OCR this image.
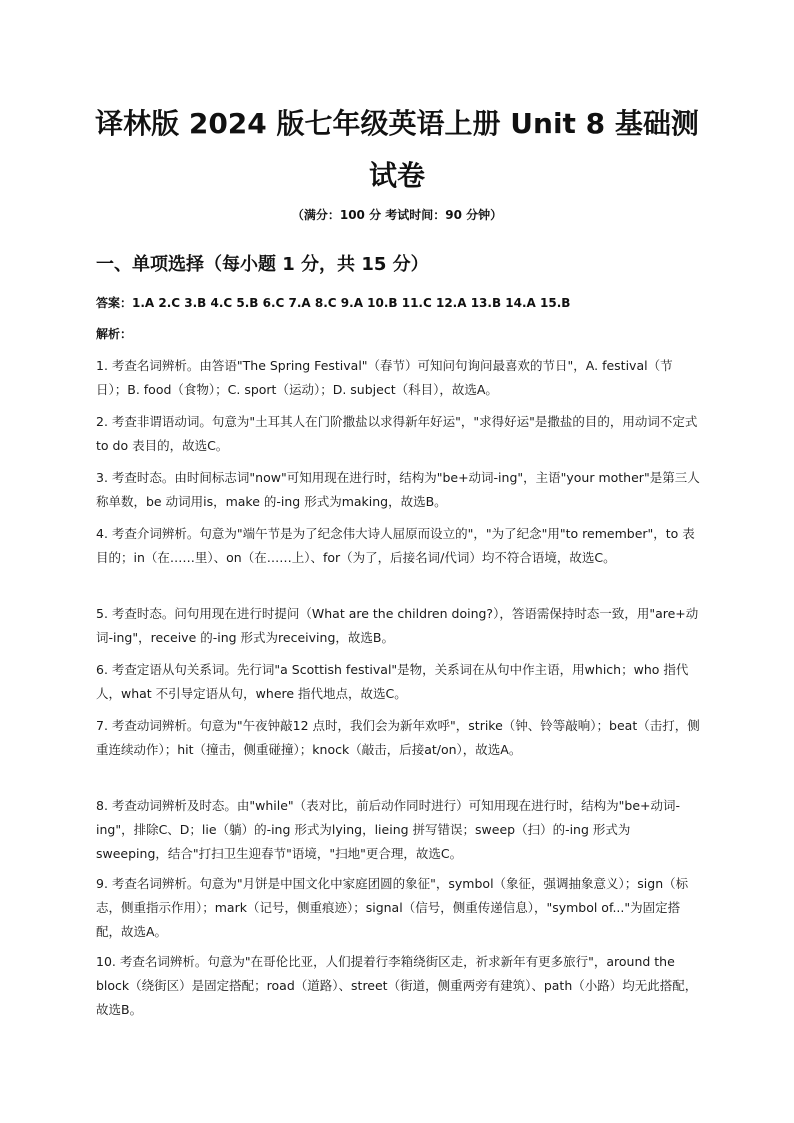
译林版 2024 版七年级英语上册 Unit 8 基础测试卷
（满分：100 分 考试时间：90 分钟）
一、单项选择（每小题 1 分，共 15 分）
答案：1.A 2.C 3.B 4.C 5.B 6.C 7.A 8.C 9.A 10.B 11.C 12.A 13.B 14.A 15.B
解析：
1. 考查名词辨析。由答语"The Spring Festival"（春节）可知问句询问最喜欢的节日"，A. festival（节日）；B. food（食物）；C. sport（运动）；D. subject（科目），故选A。
2. 考查非谓语动词。句意为"土耳其人在门阶撒盐以求得新年好运"，"求得好运"是撒盐的目的，用动词不定式to do 表目的，故选C。
3. 考查时态。由时间标志词"now"可知用现在进行时，结构为"be+动词-ing"，主语"your mother"是第三人称单数，be 动词用is，make 的-ing 形式为making，故选B。
4. 考查介词辨析。句意为"端午节是为了纪念伟大诗人屈原而设立的"，"为了纪念"用"to remember"，to 表目的；in（在……里）、on（在……上）、for（为了，后接名词/代词）均不符合语境，故选C。
5. 考查时态。问句用现在进行时提问（What are the children doing?），答语需保持时态一致，用"are+动词-ing"，receive 的-ing 形式为receiving，故选B。
6. 考查定语从句关系词。先行词"a Scottish festival"是物，关系词在从句中作主语，用which；who 指代人，what 不引导定语从句，where 指代地点，故选C。
7. 考查动词辨析。句意为"午夜钟敲12 点时，我们会为新年欢呼"，strike（钟、铃等敲响）；beat（击打，侧重连续动作）；hit（撞击，侧重碰撞）；knock（敲击，后接at/on），故选A。
8. 考查动词辨析及时态。由"while"（表对比，前后动作同时进行）可知用现在进行时，结构为"be+动词-ing"，排除C、D；lie（躺）的-ing 形式为lying，lieing 拼写错误；sweep（扫）的-ing 形式为sweeping，结合"打扫卫生迎春节"语境，"扫地"更合理，故选C。
9. 考查名词辨析。句意为"月饼是中国文化中家庭团圆的象征"，symbol（象征，强调抽象意义）；sign（标志，侧重指示作用）；mark（记号，侧重痕迹）；signal（信号，侧重传递信息），"symbol of..."为固定搭配，故选A。
10. 考查名词辨析。句意为"在哥伦比亚，人们提着行李箱绕街区走，祈求新年有更多旅行"，around the block（绕街区）是固定搭配；road（道路）、street（街道，侧重两旁有建筑）、path（小路）均无此搭配，故选B。
